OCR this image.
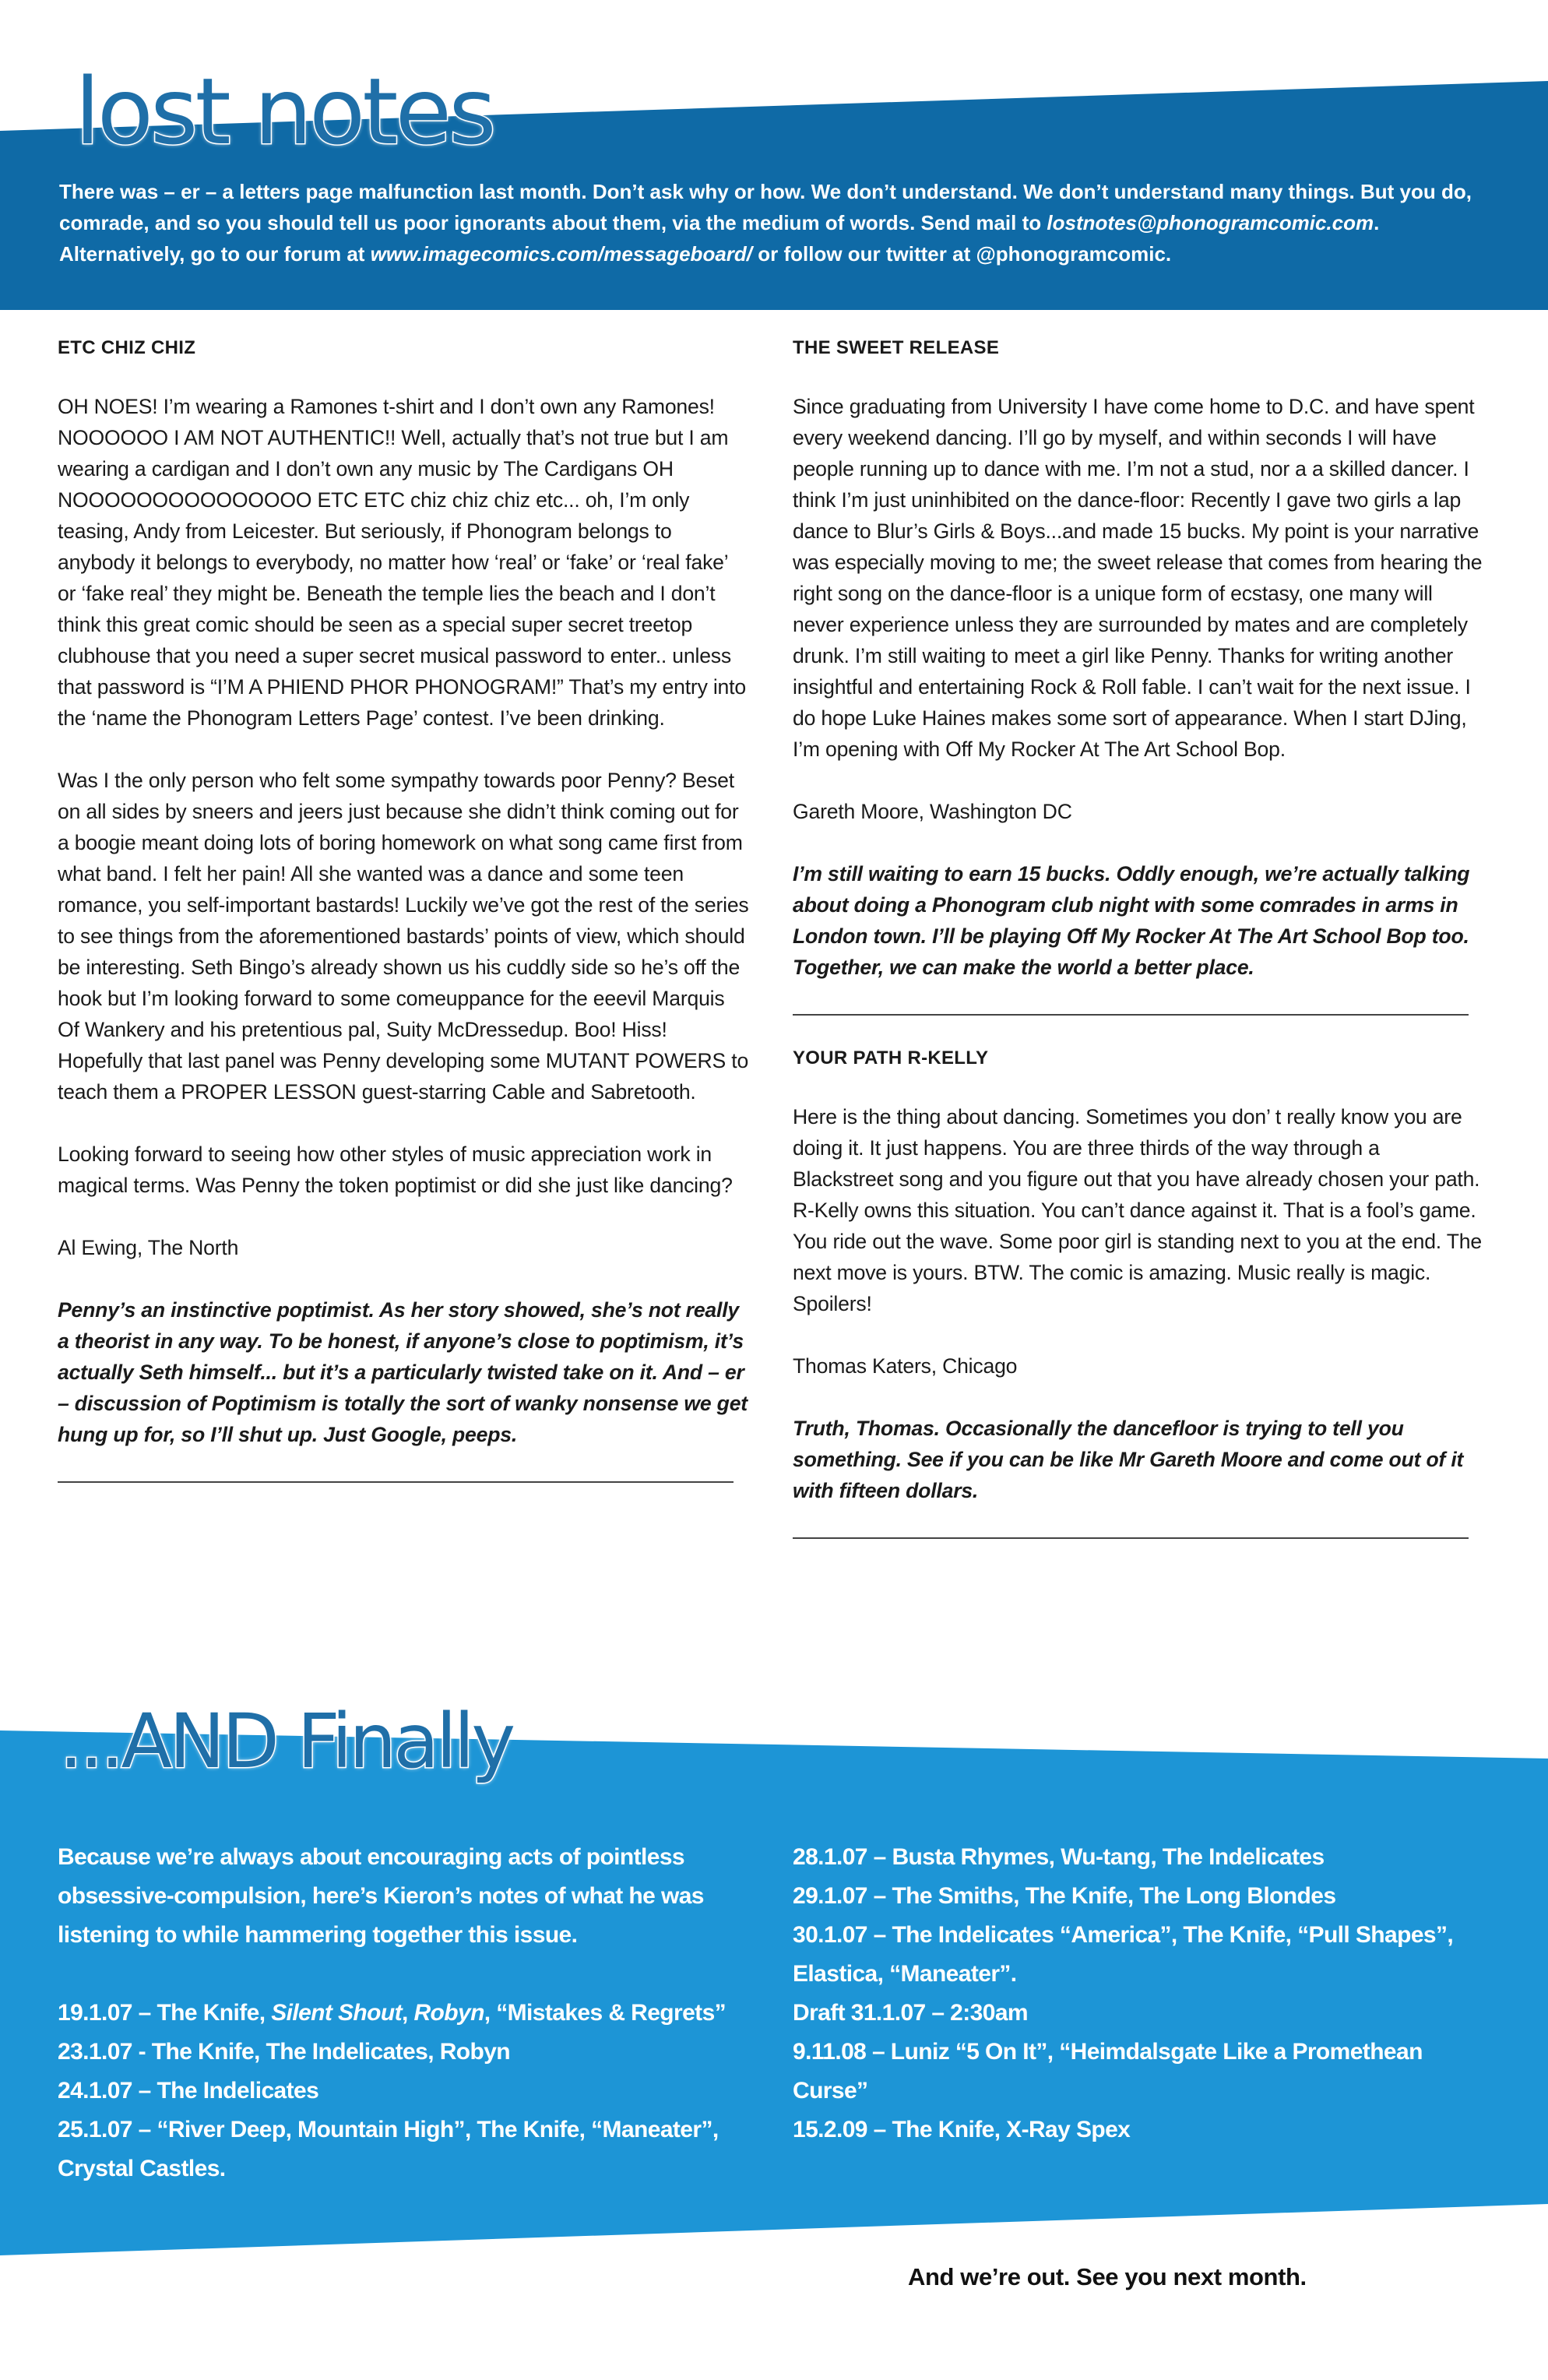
lost notes

There was – er – a letters page malfunction last month. Don’t ask why or how. We don’t understand. We don’t understand many things. But you do, comrade, and so you should tell us poor ignorants about them, via the medium of words. Send mail to lostnotes@phonogramcomic.com. Alternatively, go to our forum at www.imagecomics.com/messageboard/ or follow our twitter at @phonogramcomic.

ETC CHIZ CHIZ

OH NOES! I’m wearing a Ramones t-shirt and I don’t own any Ramones! NOOOOOO I AM NOT AUTHENTIC!! Well, actually that’s not true but I am wearing a cardigan and I don’t own any music by The Cardigans OH NOOOOOOOOOOOOOOO ETC ETC chiz chiz chiz etc... oh, I’m only teasing, Andy from Leicester. But seriously, if Phonogram belongs to anybody it belongs to everybody, no matter how ‘real’ or ‘fake’ or ‘real fake’ or ‘fake real’ they might be. Beneath the temple lies the beach and I don’t think this great comic should be seen as a special super secret treetop clubhouse that you need a super secret musical password to enter.. unless that password is “I’M A PHIEND PHOR PHONOGRAM!” That’s my entry into the ‘name the Phonogram Letters Page’ contest. I’ve been drinking.

Was I the only person who felt some sympathy towards poor Penny? Beset on all sides by sneers and jeers just because she didn’t think coming out for a boogie meant doing lots of boring homework on what song came first from what band. I felt her pain! All she wanted was a dance and some teen romance, you self-important bastards! Luckily we’ve got the rest of the series to see things from the aforementioned bastards’ points of view, which should be interesting. Seth Bingo’s already shown us his cuddly side so he’s off the hook but I’m looking forward to some comeuppance for the eeevil Marquis Of Wankery and his pretentious pal, Suity McDressedup. Boo! Hiss! Hopefully that last panel was Penny developing some MUTANT POWERS to teach them a PROPER LESSON guest-starring Cable and Sabretooth.

Looking forward to seeing how other styles of music appreciation work in magical terms. Was Penny the token poptimist or did she just like dancing?

Al Ewing, The North

Penny’s an instinctive poptimist. As her story showed, she’s not really a theorist in any way. To be honest, if anyone’s close to poptimism, it’s actually Seth himself... but it’s a particularly twisted take on it. And – er – discussion of Poptimism is totally the sort of wanky nonsense we get hung up for, so I’ll shut up. Just Google, peeps.

THE SWEET RELEASE

Since graduating from University I have come home to D.C. and have spent every weekend dancing. I’ll go by myself, and within seconds I will have people running up to dance with me. I’m not a stud, nor a a skilled dancer. I think I’m just uninhibited on the dance-floor: Recently I gave two girls a lap dance to Blur’s Girls & Boys...and made 15 bucks. My point is your narrative was especially moving to me; the sweet release that comes from hearing the right song on the dance-floor is a unique form of ecstasy, one many will never experience unless they are surrounded by mates and are completely drunk. I’m still waiting to meet a girl like Penny. Thanks for writing another insightful and entertaining Rock & Roll fable. I can’t wait for the next issue. I do hope Luke Haines makes some sort of appearance. When I start DJing, I’m opening with Off My Rocker At The Art School Bop.

Gareth Moore, Washington DC

I’m still waiting to earn 15 bucks. Oddly enough, we’re actually talking about doing a Phonogram club night with some comrades in arms in London town. I’ll be playing Off My Rocker At The Art School Bop too. Together, we can make the world a better place.

YOUR PATH R-KELLY

Here is the thing about dancing. Sometimes you don’ t really know you are doing it. It just happens. You are three thirds of the way through a Blackstreet song and you figure out that you have already chosen your path. R-Kelly owns this situation. You can’t dance against it. That is a fool’s game. You ride out the wave. Some poor girl is standing next to you at the end. The next move is yours. BTW. The comic is amazing. Music really is magic. Spoilers!

Thomas Katers, Chicago

Truth, Thomas. Occasionally the dancefloor is trying to tell you something. See if you can be like Mr Gareth Moore and come out of it with fifteen dollars.

...AND Finally

Because we’re always about encouraging acts of pointless obsessive-compulsion, here’s Kieron’s notes of what he was listening to while hammering together this issue.

19.1.07 – The Knife, Silent Shout, Robyn, “Mistakes & Regrets”

23.1.07 - The Knife, The Indelicates, Robyn

24.1.07 – The Indelicates

25.1.07 – “River Deep, Mountain High”, The Knife, “Maneater”, Crystal Castles.

28.1.07 – Busta Rhymes, Wu-tang, The Indelicates

29.1.07 – The Smiths, The Knife, The Long Blondes

30.1.07 – The Indelicates “America”, The Knife, “Pull Shapes”, Elastica, “Maneater”.

Draft 31.1.07 – 2:30am

9.11.08 – Luniz “5 On It”, “Heimdalsgate Like a Promethean Curse”

15.2.09 – The Knife, X-Ray Spex

And we’re out. See you next month.
